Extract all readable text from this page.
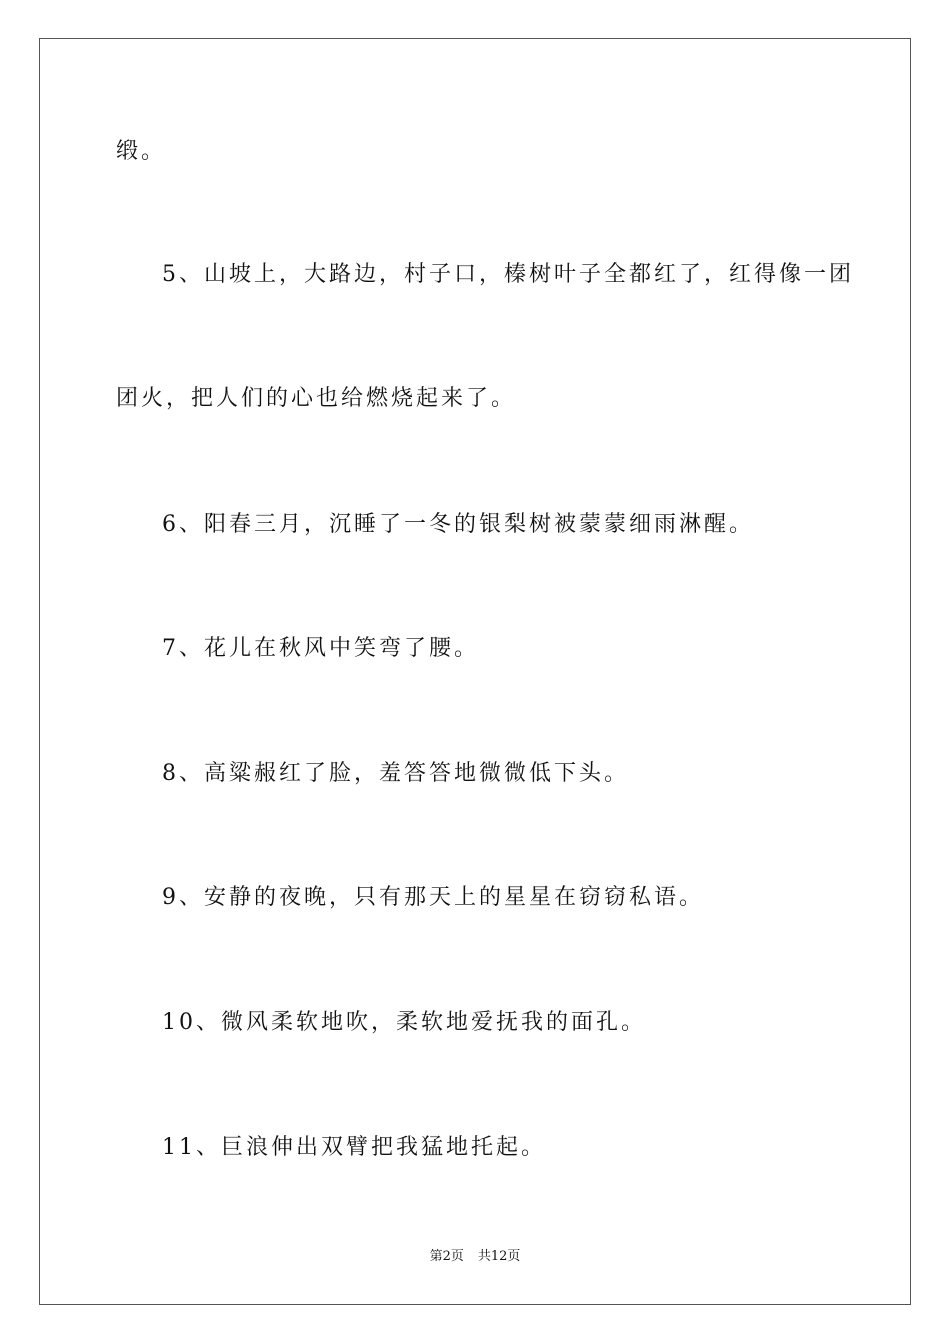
缎。

5、山坡上，大路边，村子口，榛树叶子全都红了，红得像一团

团火，把人们的心也给燃烧起来了。

6、阳春三月，沉睡了一冬的银梨树被蒙蒙细雨淋醒。

7、花儿在秋风中笑弯了腰。

8、高粱赧红了脸，羞答答地微微低下头。

9、安静的夜晚，只有那天上的星星在窃窃私语。

10、微风柔软地吹，柔软地爱抚我的面孔。

11、巨浪伸出双臂把我猛地托起。

第2页 共12页
